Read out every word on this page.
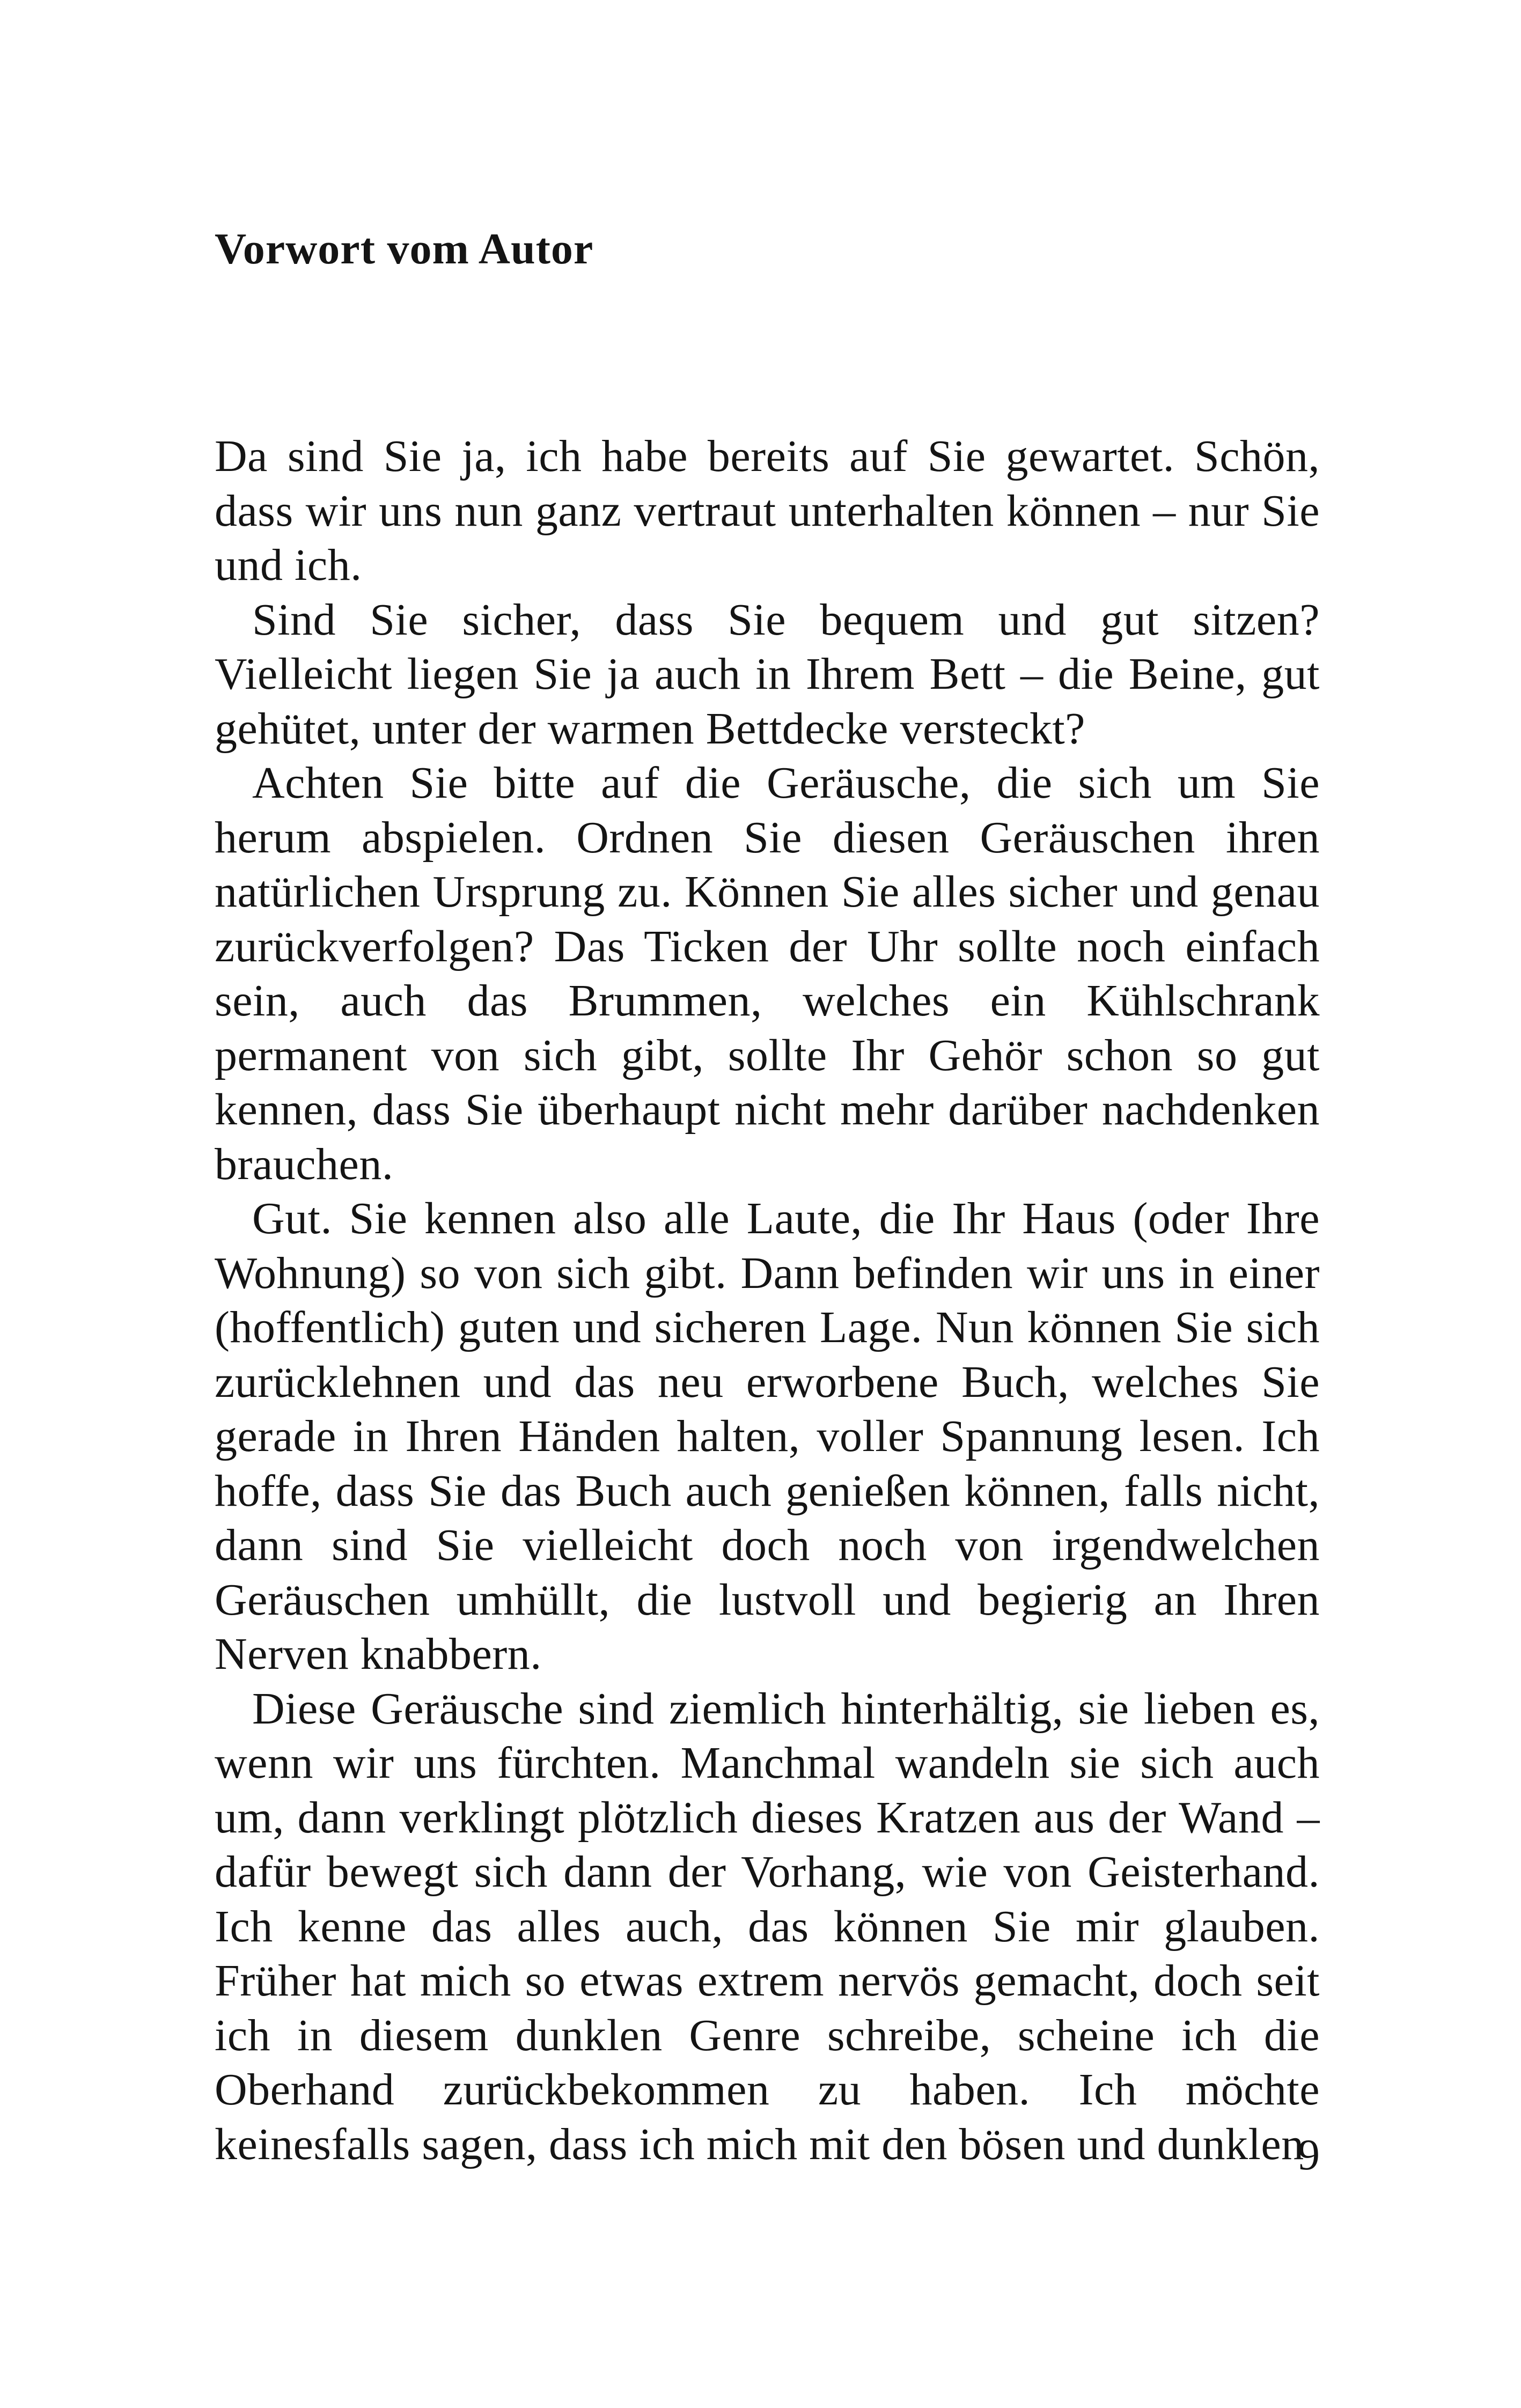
Vorwort vom Autor

Da sind Sie ja, ich habe bereits auf Sie gewartet. Schön, dass wir uns nun ganz vertraut unterhalten können – nur Sie und ich.

Sind Sie sicher, dass Sie bequem und gut sitzen? Vielleicht liegen Sie ja auch in Ihrem Bett – die Beine, gut gehütet, unter der warmen Bettdecke versteckt?

Achten Sie bitte auf die Geräusche, die sich um Sie herum abspielen. Ordnen Sie diesen Geräuschen ihren natürlichen Ursprung zu. Können Sie alles sicher und genau zurückverfolgen? Das Ticken der Uhr sollte noch einfach sein, auch das Brummen, welches ein Kühlschrank permanent von sich gibt, sollte Ihr Gehör schon so gut kennen, dass Sie überhaupt nicht mehr darüber nachdenken brauchen.

Gut. Sie kennen also alle Laute, die Ihr Haus (oder Ihre Wohnung) so von sich gibt. Dann befinden wir uns in einer (hoffentlich) guten und sicheren Lage. Nun können Sie sich zurücklehnen und das neu erworbene Buch, welches Sie gerade in Ihren Händen halten, voller Spannung lesen. Ich hoffe, dass Sie das Buch auch genießen können, falls nicht, dann sind Sie vielleicht doch noch von irgendwelchen Geräuschen umhüllt, die lustvoll und begierig an Ihren Nerven knabbern.

Diese Geräusche sind ziemlich hinterhältig, sie lieben es, wenn wir uns fürchten. Manchmal wandeln sie sich auch um, dann verklingt plötzlich dieses Kratzen aus der Wand – dafür bewegt sich dann der Vorhang, wie von Geisterhand. Ich kenne das alles auch, das können Sie mir glauben. Früher hat mich so etwas extrem nervös gemacht, doch seit ich in diesem dunklen Genre schreibe, scheine ich die Oberhand zurückbekommen zu haben. Ich möchte keinesfalls sagen, dass ich mich mit den bösen und dunklen

9
